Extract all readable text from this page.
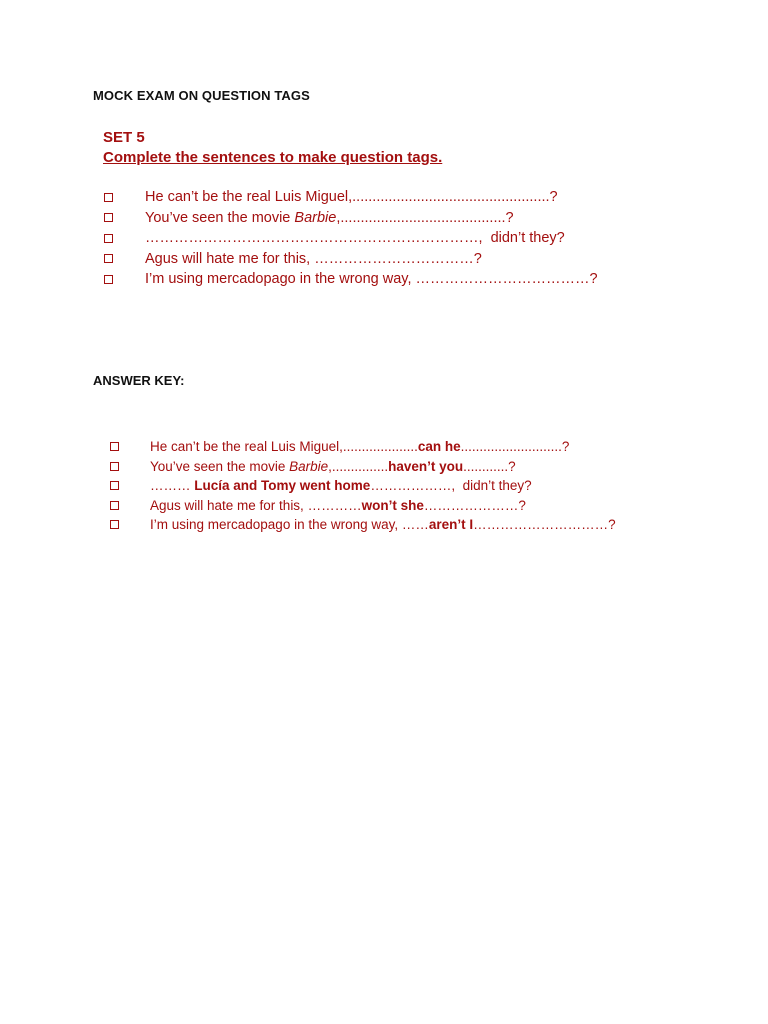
MOCK EXAM ON QUESTION TAGS
SET 5
Complete the sentences to make question tags.
He can’t be the real Luis Miguel,.................................................?
You’ve seen the movie Barbie ,.........................................?
……………………………………………………………,  didn’t they?
Agus will hate me for this, ……………………………?
I’m using mercadopago in the wrong way, ………………………………?
ANSWER KEY:
He can’t be the real Luis Miguel,.................... can he ...........................?
You’ve seen the movie Barbie ,............... haven’t you ............?
……… Lucía and Tomy went home ………………,  didn’t they?
Agus will hate me for this, ………… won’t she …………………?
I’m using mercadopago in the wrong way, …… aren’t I …………………………?
